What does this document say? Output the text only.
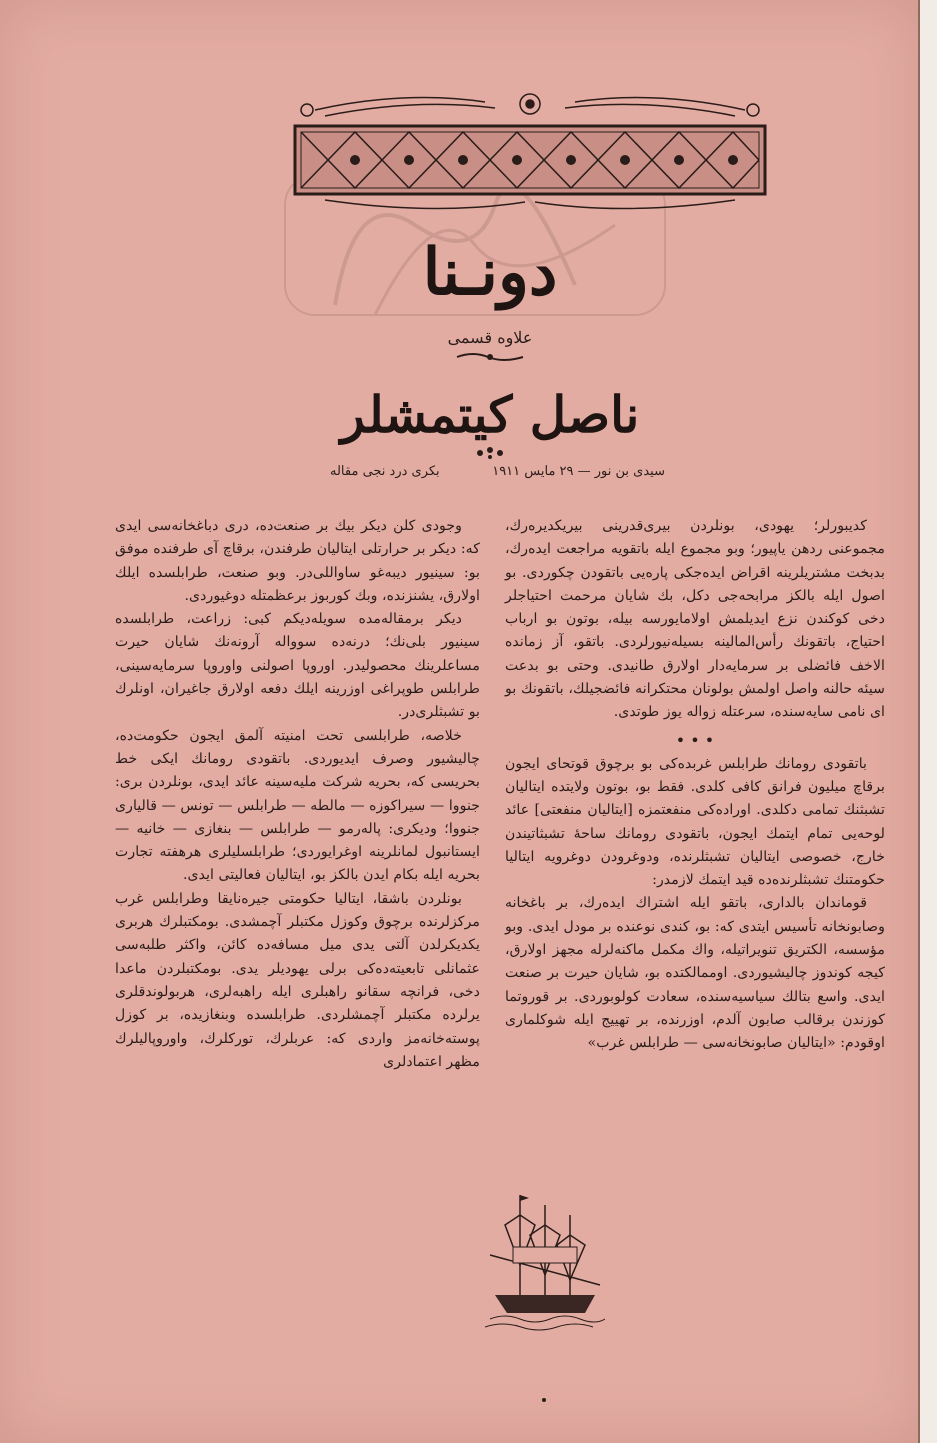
دونـنا
علاوه قسمی
ناصل کیتمشلر
سیدی بن نور — ۲۹ مایس ۱۹۱۱
بکری درد نجی مقاله

کدیبورلر؛ یهودی، بونلردن بیری‌قدرینی بیریکدیره‌رك، مجموعنی ردهن یاپیور؛ وبو مجموع ایله باتقویه مراجعت ایده‌رك، بدبخت مشتریلرینه اقراض ایده‌جکی پاره‌یی باتقودن چکوردی. بو اصول ایله بالکز مرابحه‌جی دکل، بك شایان مرحمت احتیاجلر دخی کوکندن نزع ایدیلمش اولامایورسه‌ بیله، بوتون بو ارباب احتیاج، باتقونك رأس‌المالینه بسیله‌نیورلردی. باتقو، آز زمانده الاخف فائضلی بر سرمایه‌دار اولارق طانیدی. وحتی بو بدعت سیئه حالنه واصل اولمش بولونان محتکرانه فائضجیلك، باتقونك بو ای نامی سایه‌سنده، سرعتله زواله یوز طوتدی.

• • •

باتقودی رومانك طرابلس غربده‌کی بو برچوق قوتحای ایجون برقاچ میلیون فرانق کافی کلدی. فقط بو، بوتون ولایتده ایتالیان تشبثنك تمامی دکلدی. اوراده‌کی منفعتمزه [ایتالیان منفعتی] عائد لوحه‌یی تمام ایتمك ایجون، باتقودی رومانك ساحهٔ تشبثاتیندن خارج، خصوصی ایتالیان تشبثلرنده، ودوغرودن دوغرویه ایتالیا حکومتنك تشبثلرنده‌ده قید ایتمك لازمدر:

قوماندان بالداری، باتقو ایله اشتراك ایده‌رك، بر باغخانه وصابونخانه تأسیس ایتدی که: بو، کندی نوعنده بر مودل ایدی. وبو مؤسسه، الکتریق تنویراتیله، واك مکمل ماکنه‌لرله مجهز اولارق، کیجه کوندوز چالیشیوردی. اوممالکتده بو، شایان حیرت بر صنعت ایدی. واسع بتالك سیاسیه‌سنده، سعادت کولوبوردی. بر قوروتما کوزندن برقالب صابون آلدم، اوزرنده، بر تهییج ایله شوکلماری اوقودم: «ایتالیان صابونخانه‌سی — طرابلس غرب»

وجودی کلن دیکر بیك بر صنعت‌ده، دری دباغخانه‌سی ایدی که: دیکر بر حرارتلی ایتالیان طرفندن، برقاچ آی طرفنده موفق بو: سینیور دیبه‌غو ساواللی‌در. وبو صنعت، طرابلسده ایلك اولارق، یشنزنده، وبك کوربوز برعظمتله دوغیوردی.

دیکر برمقاله‌مده سویله‌دیکم کبی: زراعت، طرابلسده سینیور بلی‌نك؛ درنه‌ده سوواله آرونه‌نك شایان حیرت مساعلرینك محصولیدر. اوروپا اصولنی واوروپا سرمایه‌سینی، طرابلس طوپراغی اوزرینه ایلك دفعه اولارق جاغیران، اونلرك بو تشبثلری‌در.

خلاصه، طرابلسی تحت امنیته آلمق ایجون حکومت‌ده، چالیشیور وصرف ایدیوردی. باتقودی رومانك ایکی خط بحریسی که، بحریه شرکت ملیه‌سینه عائد ایدی، بونلردن بری: جنووا — سیراکوزه — مالطه — طرابلس — تونس — قالیاری جنووا؛ ودیکری: پاله‌رمو — طرابلس — بنغازی — خانیه — ایستانبول لمانلرینه اوغرایوردی؛ طرابلسلیلری هرهفته تجارت بحریه ایله بکام ایدن بالکز بو، ایتالیان فعالیتی ایدی.

بونلردن باشقا، ایتالیا حکومتی جیره‌نایقا وطرابلس غرب مرکزلرنده برچوق وکوزل مکتبلر آچمشدی. بومکتبلرك هربری یکدیکرلدن آلتی یدی میل مسافه‌ده کائن، واکثر طلبه‌سی عثمانلی تابعیته‌ده‌کی برلی یهودیلر یدی. بومکتبلردن ماعدا دخی، فرانچه سقانو راهبلری ایله راهبه‌لری، هربولوندقلری یرلرده مکتبلر آچمشلردی. طرابلسده وبنغازیده، بر کوزل پوسته‌خانه‌مز واردی که: عربلرك، تورکلرك، واوروپالیلرك مظهر اعتمادلری
